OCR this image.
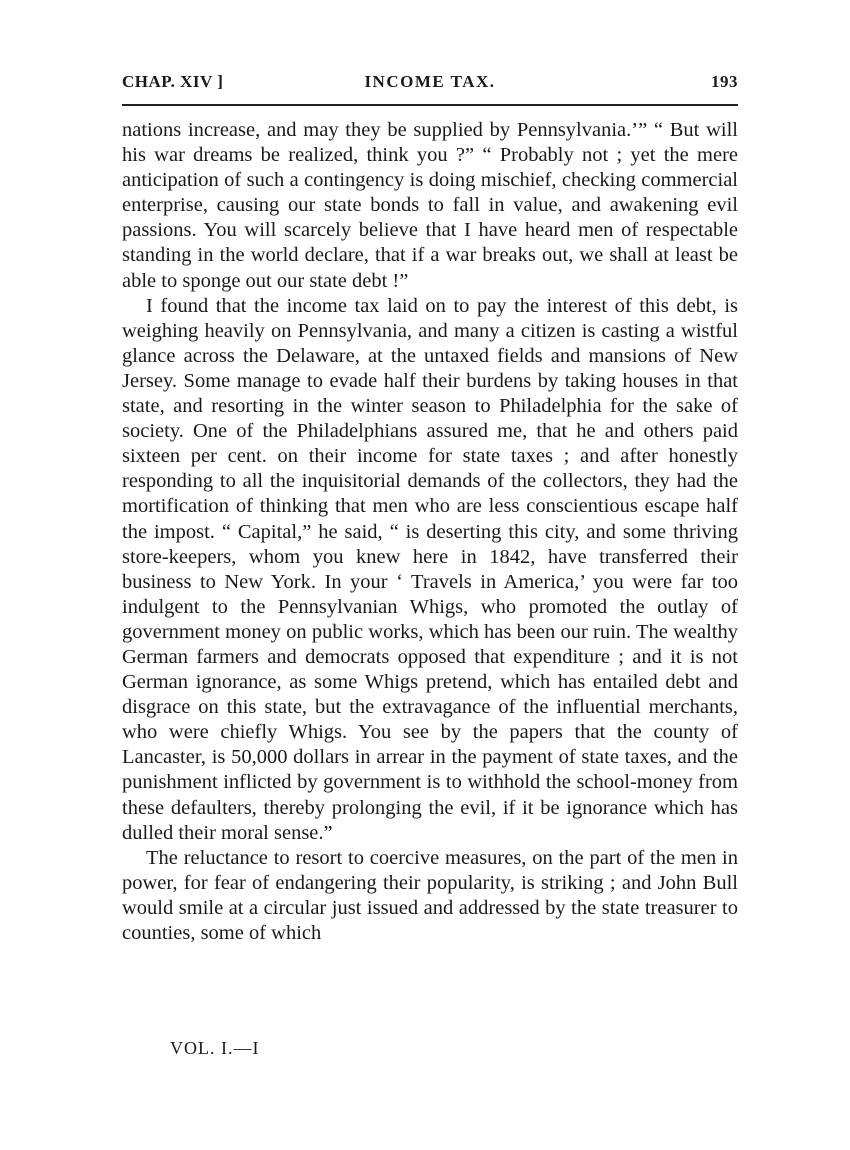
CHAP. XIV ]	INCOME TAX.	193

nations increase, and may they be supplied by Pennsylvania.’” “ But will his war dreams be realized, think you ?” “ Probably not ; yet the mere anticipation of such a contingency is doing mischief, checking commercial enterprise, causing our state bonds to fall in value, and awakening evil passions. You will scarcely believe that I have heard men of respectable standing in the world declare, that if a war breaks out, we shall at least be able to sponge out our state debt !”

I found that the income tax laid on to pay the interest of this debt, is weighing heavily on Pennsylvania, and many a citizen is casting a wistful glance across the Delaware, at the untaxed fields and mansions of New Jersey. Some manage to evade half their burdens by taking houses in that state, and resorting in the winter season to Philadelphia for the sake of society. One of the Philadelphians assured me, that he and others paid sixteen per cent. on their income for state taxes ; and after honestly responding to all the inquisitorial demands of the collectors, they had the mortification of thinking that men who are less conscientious escape half the impost. “ Capital,” he said, “ is deserting this city, and some thriving store-keepers, whom you knew here in 1842, have transferred their business to New York. In your ‘ Travels in America,’ you were far too indulgent to the Pennsylvanian Whigs, who promoted the outlay of government money on public works, which has been our ruin. The wealthy German farmers and democrats opposed that expenditure ; and it is not German ignorance, as some Whigs pretend, which has entailed debt and disgrace on this state, but the extravagance of the influential merchants, who were chiefly Whigs. You see by the papers that the county of Lancaster, is 50,000 dollars in arrear in the payment of state taxes, and the punishment inflicted by government is to withhold the school-money from these defaulters, thereby prolonging the evil, if it be ignorance which has dulled their moral sense.”

The reluctance to resort to coercive measures, on the part of the men in power, for fear of endangering their popularity, is striking ; and John Bull would smile at a circular just issued and addressed by the state treasurer to counties, some of which

VOL. I.—I
